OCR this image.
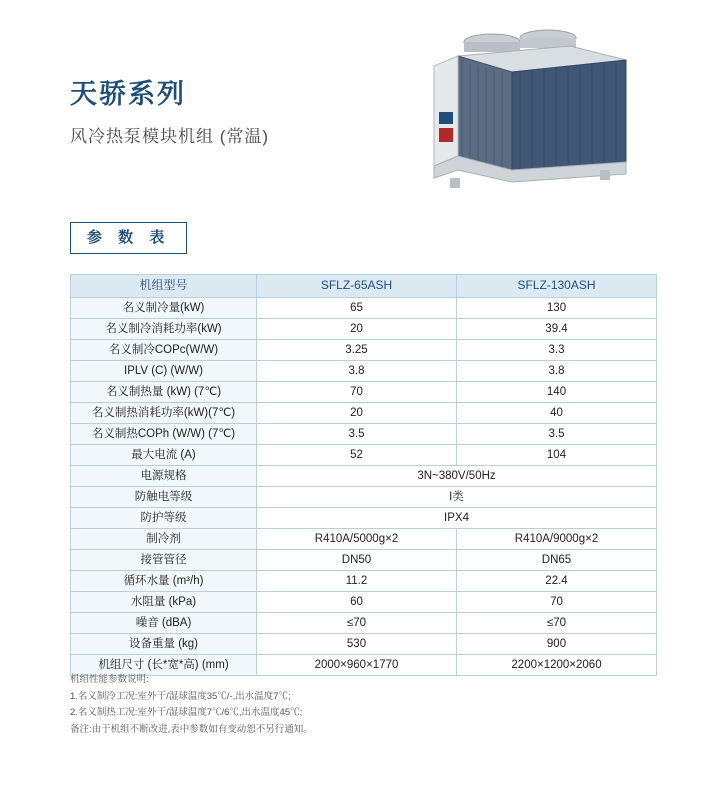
天骄系列
风冷热泵模块机组 (常温)
参 数 表
机组型号	SFLZ-65ASH	SFLZ-130ASH
名义制冷量(kW)	65	130
名义制冷消耗功率(kW)	20	39.4
名义制冷COPc(W/W)	3.25	3.3
IPLV (C) (W/W)	3.8	3.8
名义制热量 (kW) (7℃)	70	140
名义制热消耗功率(kW)(7℃)	20	40
名义制热COPh (W/W) (7℃)	3.5	3.5
最大电流 (A)	52	104
电源规格	3N~380V/50Hz	
防触电等级	I类	
防护等级	IPX4	
制冷剂	R410A/5000g×2	R410A/9000g×2
接管管径	DN50	DN65
循环水量 (m³/h)	11.2	22.4
水阻量 (kPa)	60	70
噪音 (dBA)	≤70	≤70
设备重量 (kg)	530	900
机组尺寸 (长*宽*高) (mm)	2000×960×1770	2200×1200×2060
机组性能参数说明:
1.名义制冷工况:室外干/湿球温度35℃/-,出水温度7℃;
2.名义制热工况:室外干/湿球温度7℃/6℃,出水温度45℃;
备注:由于机组不断改进,表中参数如有变动恕不另行通知。
